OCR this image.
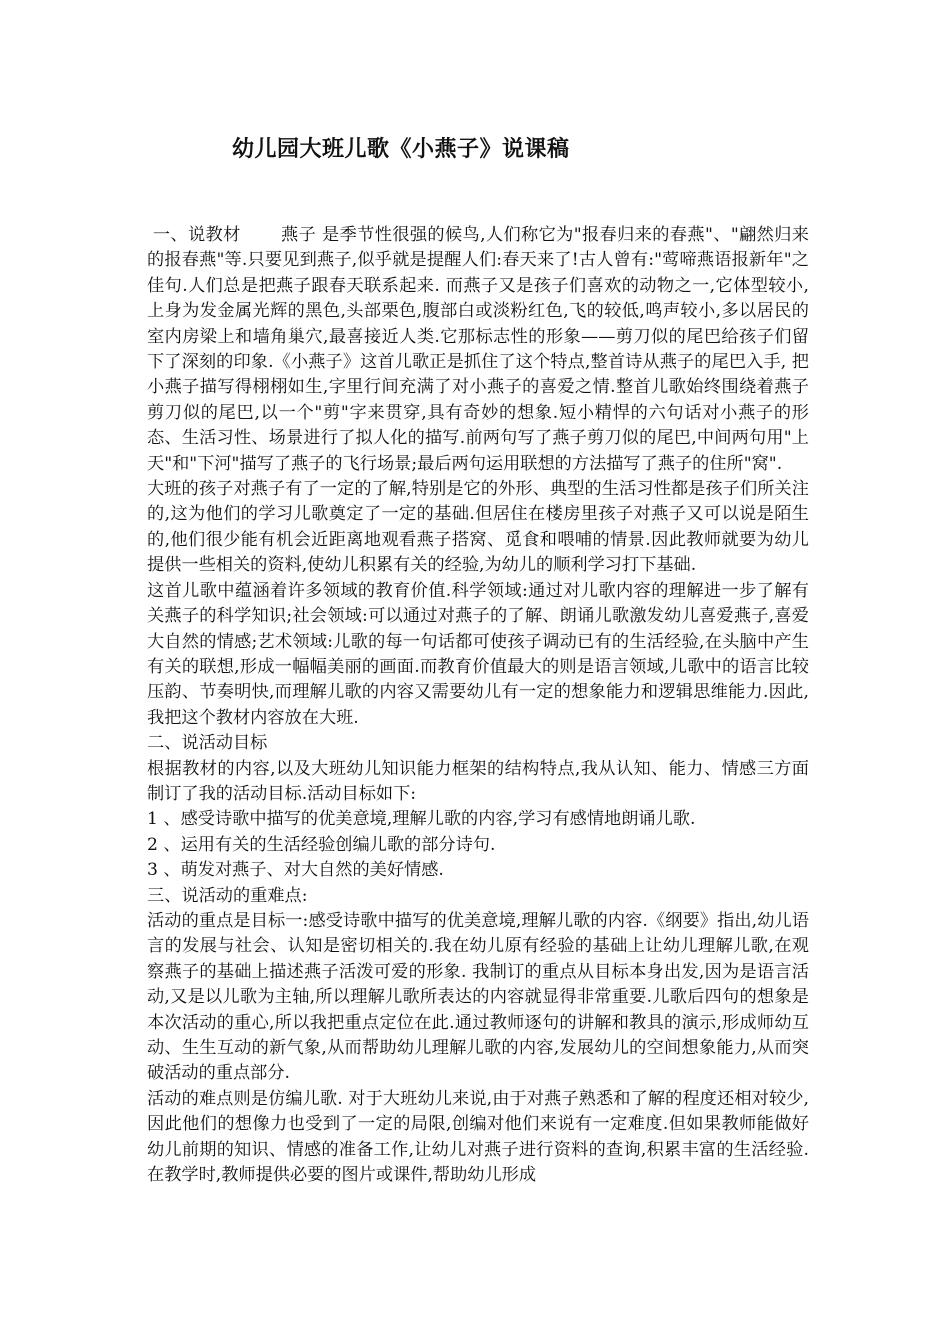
幼儿园大班儿歌《小燕子》说课稿

一、说教材 燕子 是季节性很强的候鸟,人们称它为"报春归来的春燕"、"翩然归来的报春燕"等.只要见到燕子,似乎就是提醒人们:春天来了!古人曾有:"莺啼燕语报新年"之佳句.人们总是把燕子跟春天联系起来. 而燕子又是孩子们喜欢的动物之一,它体型较小,上身为发金属光辉的黑色,头部栗色,腹部白或淡粉红色,飞的较低,鸣声较小,多以居民的室内房梁上和墙角巢穴,最喜接近人类.它那标志性的形象——剪刀似的尾巴给孩子们留下了深刻的印象.《小燕子》这首儿歌正是抓住了这个特点,整首诗从燕子的尾巴入手, 把小燕子描写得栩栩如生,字里行间充满了对小燕子的喜爱之情.整首儿歌始终围绕着燕子剪刀似的尾巴,以一个"剪"字来贯穿,具有奇妙的想象.短小精悍的六句话对小燕子的形态、生活习性、场景进行了拟人化的描写.前两句写了燕子剪刀似的尾巴,中间两句用"上天"和"下河"描写了燕子的飞行场景;最后两句运用联想的方法描写了燕子的住所"窝".

大班的孩子对燕子有了一定的了解,特别是它的外形、典型的生活习性都是孩子们所关注的,这为他们的学习儿歌奠定了一定的基础.但居住在楼房里孩子对燕子又可以说是陌生的,他们很少能有机会近距离地观看燕子搭窝、觅食和喂哺的情景.因此教师就要为幼儿提供一些相关的资料,使幼儿积累有关的经验,为幼儿的顺利学习打下基础.

这首儿歌中蕴涵着许多领域的教育价值.科学领域:通过对儿歌内容的理解进一步了解有关燕子的科学知识;社会领域:可以通过对燕子的了解、朗诵儿歌激发幼儿喜爱燕子,喜爱大自然的情感;艺术领域:儿歌的每一句话都可使孩子调动已有的生活经验,在头脑中产生有关的联想,形成一幅幅美丽的画面.而教育价值最大的则是语言领域,儿歌中的语言比较压韵、节奏明快,而理解儿歌的内容又需要幼儿有一定的想象能力和逻辑思维能力.因此,我把这个教材内容放在大班.

二、说活动目标

根据教材的内容,以及大班幼儿知识能力框架的结构特点,我从认知、能力、情感三方面制订了我的活动目标.活动目标如下:

1 、感受诗歌中描写的优美意境,理解儿歌的内容,学习有感情地朗诵儿歌.

2 、运用有关的生活经验创编儿歌的部分诗句.

3 、萌发对燕子、对大自然的美好情感.

三、说活动的重难点:

活动的重点是目标一:感受诗歌中描写的优美意境,理解儿歌的内容.《纲要》指出,幼儿语言的发展与社会、认知是密切相关的.我在幼儿原有经验的基础上让幼儿理解儿歌,在观察燕子的基础上描述燕子活泼可爱的形象. 我制订的重点从目标本身出发,因为是语言活动,又是以儿歌为主轴,所以理解儿歌所表达的内容就显得非常重要.儿歌后四句的想象是本次活动的重心,所以我把重点定位在此.通过教师逐句的讲解和教具的演示,形成师幼互动、生生互动的新气象,从而帮助幼儿理解儿歌的内容,发展幼儿的空间想象能力,从而突破活动的重点部分.

活动的难点则是仿编儿歌. 对于大班幼儿来说,由于对燕子熟悉和了解的程度还相对较少,因此他们的想像力也受到了一定的局限,创编对他们来说有一定难度.但如果教师能做好幼儿前期的知识、情感的准备工作,让幼儿对燕子进行资料的查询,积累丰富的生活经验.在教学时,教师提供必要的图片或课件,帮助幼儿形成
